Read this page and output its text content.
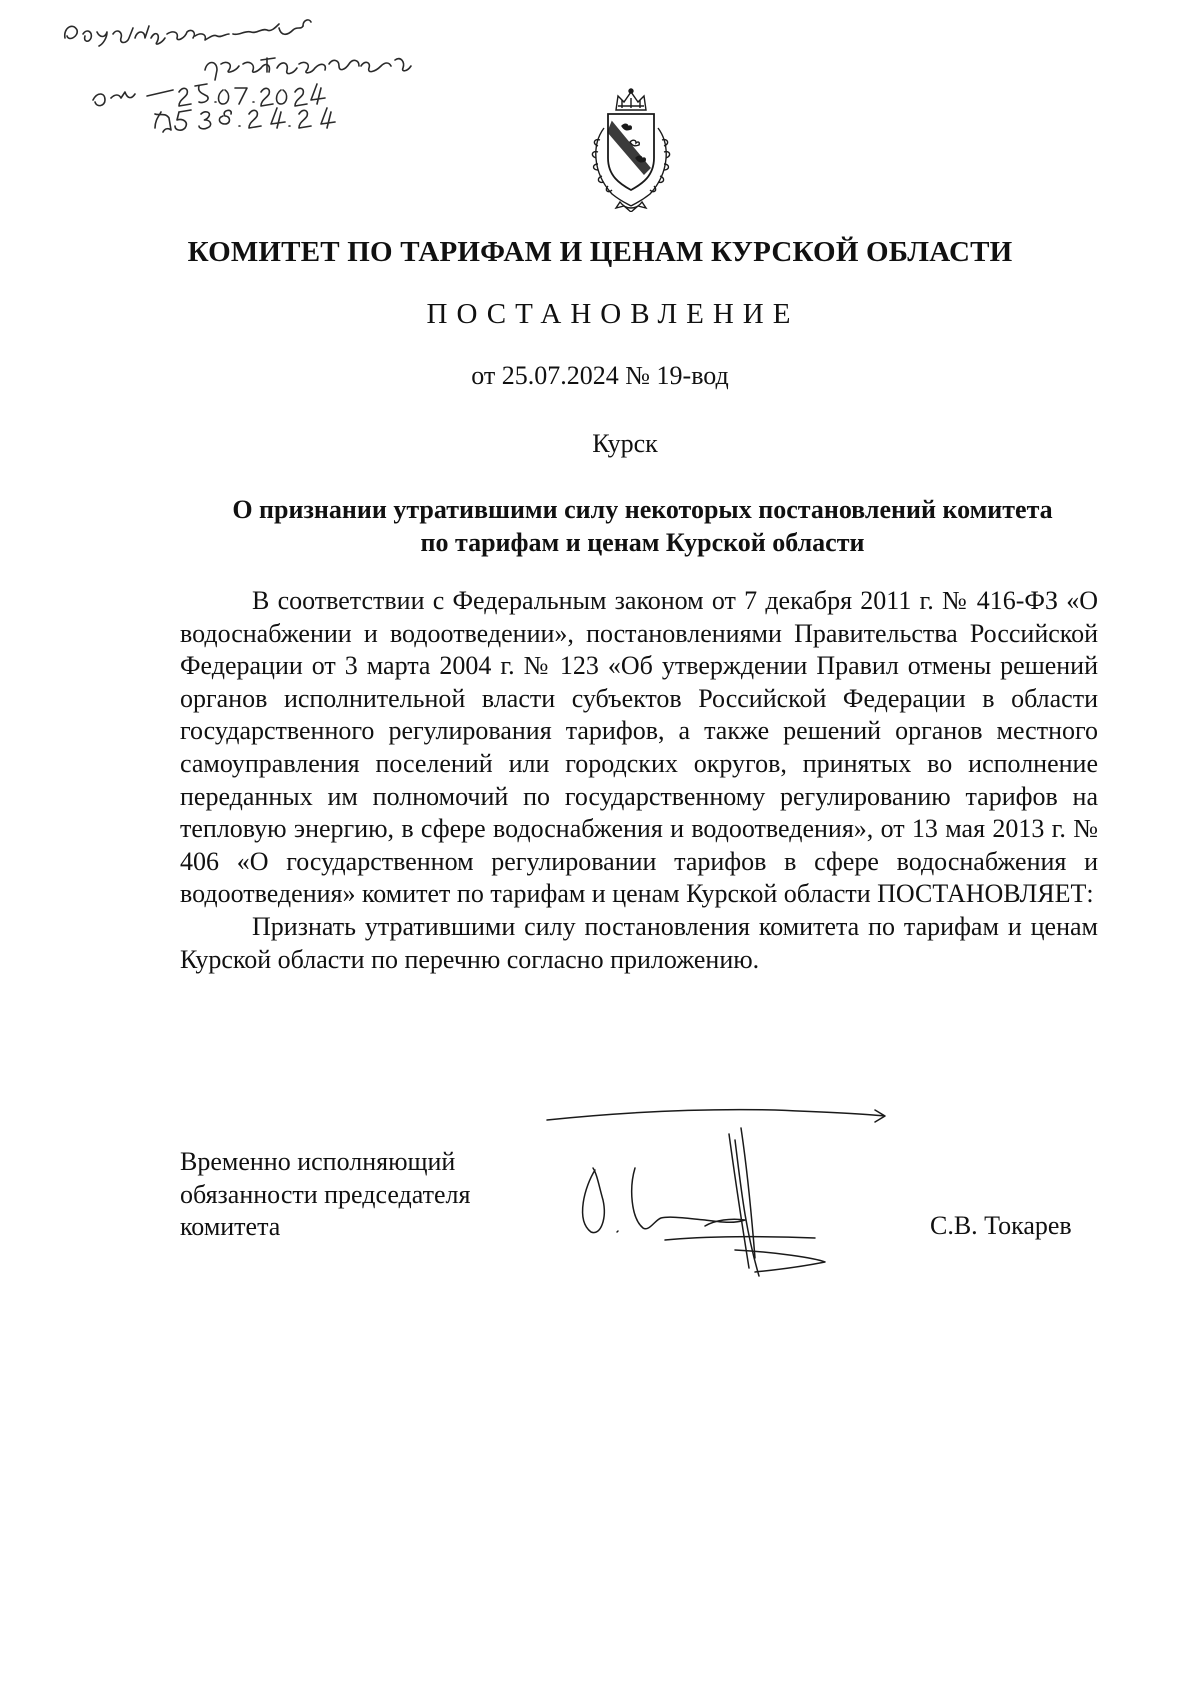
КОМИТЕТ ПО ТАРИФАМ И ЦЕНАМ КУРСКОЙ ОБЛАСТИ
ПОСТАНОВЛЕНИЕ
от 25.07.2024 № 19-вод
Курск
О признании утратившими силу некоторых постановлений комитета
по тарифам и ценам Курской области

В соответствии с Федеральным законом от 7 декабря 2011 г. № 416-ФЗ «О водоснабжении и водоотведении», постановлениями Правительства Российской Федерации от 3 марта 2004 г. № 123 «Об утверждении Правил отмены решений органов исполнительной власти субъектов Российской Федерации в области государственного регулирования тарифов, а также решений органов местного самоуправления поселений или городских округов, принятых во исполнение переданных им полномочий по государственному регулированию тарифов на тепловую энергию, в сфере водоснабжения и водоотведения», от 13 мая 2013 г. № 406 «О государственном регулировании тарифов в сфере водоснабжения и водоотведения» комитет по тарифам и ценам Курской области ПОСТАНОВЛЯЕТ:

Признать утратившими силу постановления комитета по тарифам и ценам Курской области по перечню согласно приложению.

Временно исполняющий
обязанности председателя
комитета	С.В. Токарев
